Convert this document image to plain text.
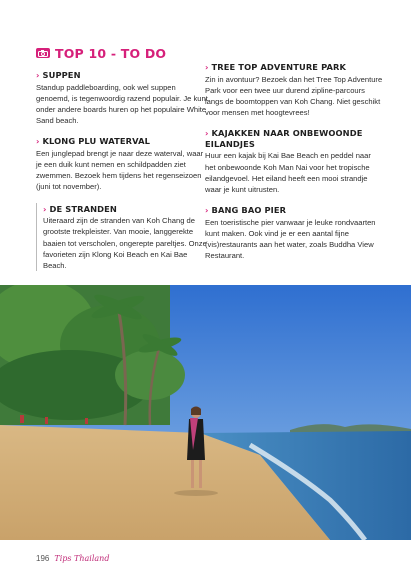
TOP 10 - TO DO
› SUPPEN
Standup paddleboarding, ook wel suppen genoemd, is tegenwoordig razend populair. Je kunt onder andere boards huren op het populaire White Sand beach.
› KLONG PLU WATERVAL
Een junglepad brengt je naar deze waterval, waar je een duik kunt nemen en schildpadden ziet zwemmen. Bezoek hem tijdens het regenseizoen (juni tot november).
› DE STRANDEN
Uiteraard zijn de stranden van Koh Chang de grootste trekpleister. Van mooie, langgerekte baaien tot verscholen, ongerepte pareltjes. Onze favorieten zijn Klong Koi Beach en Kai Bae Beach.
› TREE TOP ADVENTURE PARK
Zin in avontuur? Bezoek dan het Tree Top Adventure Park voor een twee uur durend zipline-parcours langs de boomtoppen van Koh Chang. Niet geschikt voor mensen met hoogtevrees!
› KAJAKKEN NAAR ONBEWOONDE EILANDJES
Huur een kajak bij Kai Bae Beach en peddel naar het onbewoonde Koh Man Nai voor het tropische eilandgevoel. Het eiland heeft een mooi strandje waar je kunt uitrusten.
› BANG BAO PIER
Een toeristische pier vanwaar je leuke rondvaarten kunt maken. Ook vind je er een aantal fijne (vis)restaurants aan het water, zoals Buddha View Restaurant.
196 Tips Thailand
